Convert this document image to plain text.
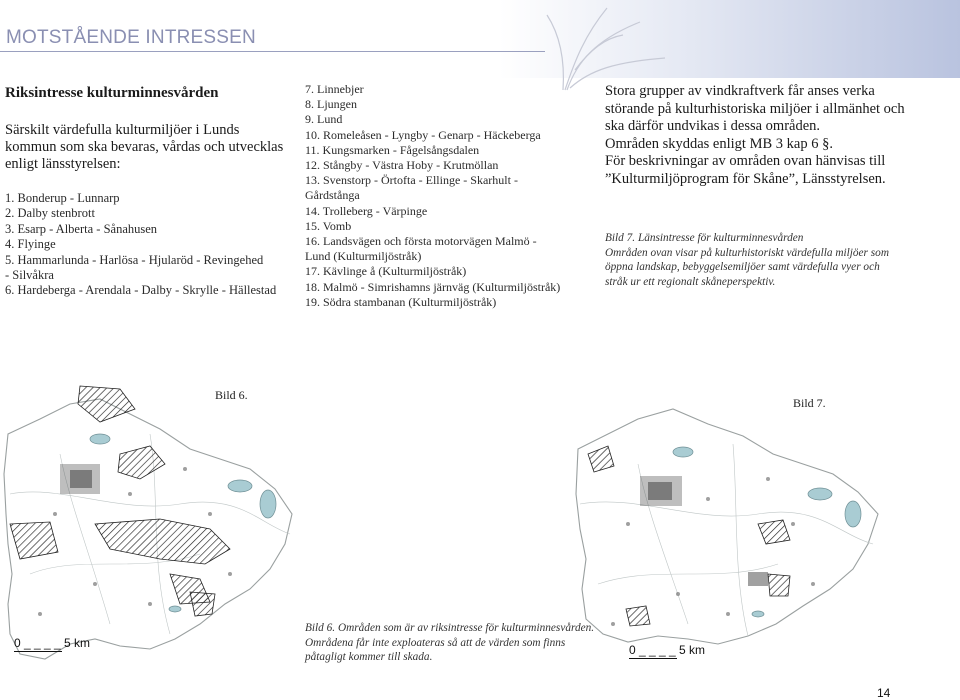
MOTSTÅENDE INTRESSEN
Riksintresse kulturminnesvården
Särskilt värdefulla kulturmiljöer i Lunds kommun som ska bevaras, vårdas och utvecklas enligt länsstyrelsen:
1. Bonderup - Lunnarp
2. Dalby stenbrott
3. Esarp - Alberta - Sånahusen
4. Flyinge
5. Hammarlunda - Harlösa - Hjularöd - Revingehed
- Silvåkra
6. Hardeberga - Arendala - Dalby - Skrylle - Hällestad
7. Linnebjer
8. Ljungen
9. Lund
10. Romeleåsen - Lyngby - Genarp - Häckeberga
11. Kungsmarken - Fågelsångsdalen
12. Stångby - Västra Hoby - Krutmöllan
13. Svenstorp - Örtofta - Ellinge - Skarhult -
Gårdstånga
14. Trolleberg - Värpinge
15. Vomb
16. Landsvägen och första motorvägen Malmö -
Lund (Kulturmiljöstråk)
17. Kävlinge å (Kulturmiljöstråk)
18. Malmö - Simrishamns järnväg (Kulturmiljöstråk)
19. Södra stambanan (Kulturmiljöstråk)

Stora grupper av vindkraftverk får anses verka störande på kulturhistoriska miljöer i allmänhet och ska därför undvikas i dessa områden.

Områden skyddas enligt MB 3 kap 6 §.

För beskrivningar av områden ovan hänvisas till ”Kulturmiljöprogram för Skåne”, Länsstyrelsen.

Bild 7. Länsintresse för kulturminnesvården
Områden ovan visar på kulturhistoriskt värdefulla miljöer som öppna landskap, bebyggelsemiljöer samt värdefulla vyer och stråk ur ett regionalt skåneperspektiv.
Bild 6.
0 _ _ _ _ 5 km
Bild 6. Områden som är av riksintresse för kulturminnesvården. Områdena får inte exploateras så att de värden som finns påtagligt kommer till skada.
Bild 7.
0 _ _ _ _ 5 km
14
